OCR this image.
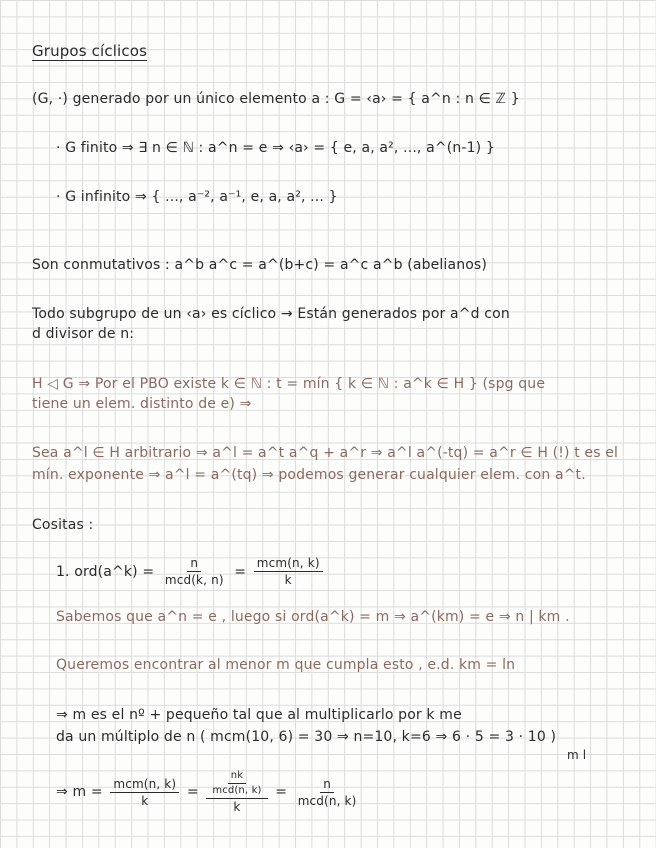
Grupos cíclicos
(G, ·) generado por un único elemento a : G = ‹a› = { a^n : n ∈ ℤ }
· G finito ⇒ ∃ n ∈ ℕ : a^n = e ⇒ ‹a› = { e, a, a², ..., a^(n-1) }
· G infinito ⇒ { ..., a⁻², a⁻¹, e, a, a², ... }
Son conmutativos : a^b a^c = a^(b+c) = a^c a^b (abelianos)
Todo subgrupo de un ‹a› es cíclico → Están generados por a^d con
d divisor de n:
H ◁ G ⇒ Por el PBO existe k ∈ ℕ : t = mín { k ∈ ℕ : a^k ∈ H } (spg que
tiene un elem. distinto de e) ⇒
Sea a^l ∈ H arbitrario ⇒ a^l = a^t a^q + a^r ⇒ a^l a^(-tq) = a^r ∈ H (!) t es el
mín. exponente ⇒ a^l = a^(tq) ⇒ podemos generar cualquier elem. con a^t.
Cositas :
1. ord(a^k) = $\frac{n}{\text{mcd(k, n)}} = \frac{\text{mcm(n, k)}}{k}$
Sabemos que a^n = e , luego si ord(a^k) = m ⇒ a^(km) = e ⇒ n | km .
Queremos encontrar al menor m que cumpla esto , e.d. km = ln
⇒ m es el nº + pequeño tal que al multiplicarlo por k me
da un múltiplo de n ( mcm(10, 6) = 30 ⇒ n=10, k=6 ⇒ 6 · 5 = 3 · 10 )
m l
⇒ $m = \frac{\text{mcm(n, k)}}{k} = \frac{\frac{nk}{\text{mcd(n, k)}}}{k} = \frac{n}{\text{mcd(n, k)}}$
